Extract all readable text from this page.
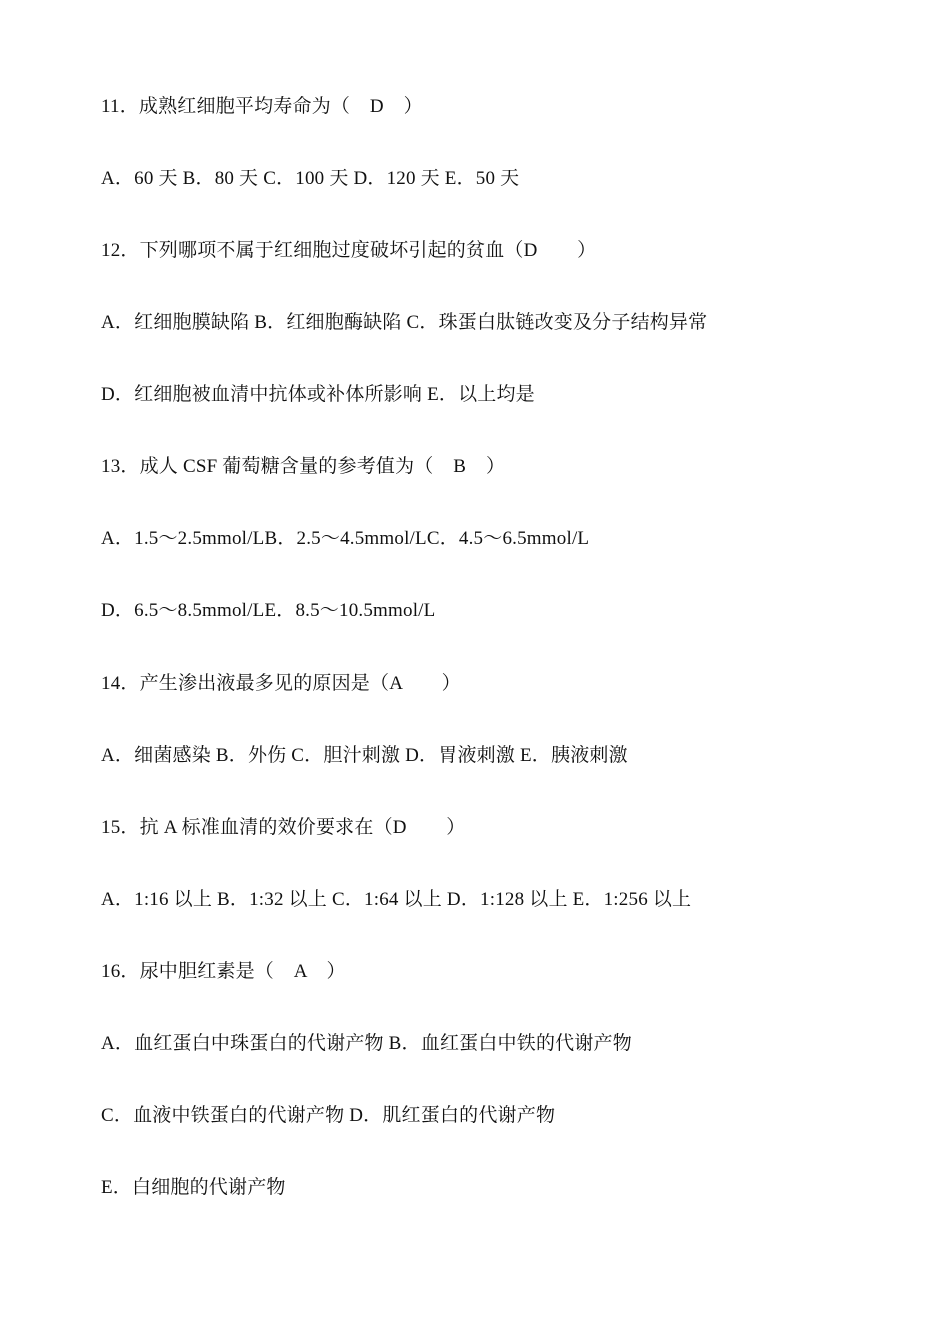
11．成熟红细胞平均寿命为（    D    ）
A．60 天 B．80 天 C．100 天 D．120 天 E．50 天
12．下列哪项不属于红细胞过度破坏引起的贫血（D        ）
A．红细胞膜缺陷 B．红细胞酶缺陷 C．珠蛋白肽链改变及分子结构异常
D．红细胞被血清中抗体或补体所影响 E．以上均是
13．成人 CSF 葡萄糖含量的参考值为（    B    ）
A．1.5～2.5mmol/LB．2.5～4.5mmol/LC．4.5～6.5mmol/L
D．6.5～8.5mmol/LE．8.5～10.5mmol/L
14．产生渗出液最多见的原因是（A        ）
A．细菌感染 B．外伤 C．胆汁刺激 D．胃液刺激 E．胰液刺激
15．抗 A 标准血清的效价要求在（D        ）
A．1:16 以上 B．1:32 以上 C．1:64 以上 D．1:128 以上 E．1:256 以上
16．尿中胆红素是（    A    ）
A．血红蛋白中珠蛋白的代谢产物 B．血红蛋白中铁的代谢产物
C．血液中铁蛋白的代谢产物 D．肌红蛋白的代谢产物
E．白细胞的代谢产物
